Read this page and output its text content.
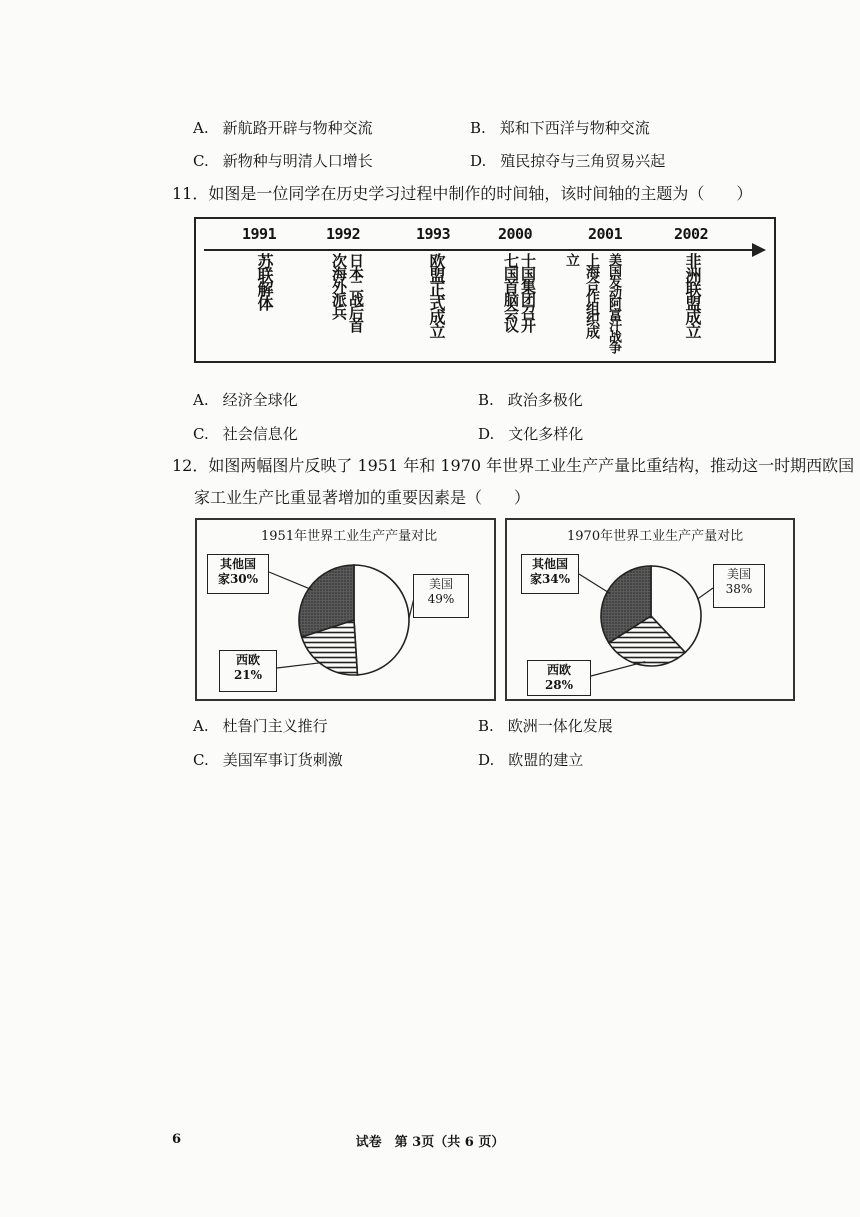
A. 新航路开辟与物种交流	B. 郑和下西洋与物种交流
C. 新物种与明清人口增长	D. 殖民掠夺与三角贸易兴起
11．如图是一位同学在历史学习过程中制作的时间轴，该时间轴的主题为（　　）
1991	1992	1993	2000	2001	2002
苏联解体	日本二战后首次海外派兵	欧盟正式成立	十国集团召开七国首脑会议	上海合作组织成立	美国发动阿富汗战争	非洲联盟成立
A. 经济全球化	B. 政治多极化
C. 社会信息化	D. 文化多样化
12．如图两幅图片反映了 1951 年和 1970 年世界工业生产产量比重结构，推动这一时期西欧国
家工业生产比重显著增加的重要因素是（　　）
1951年世界工业生产产量对比
其他国
家30%	美国
49%
西欧
21%
1970年世界工业生产产量对比
其他国
家34%	美国
38%
西欧
28%
A. 杜鲁门主义推行	B. 欧洲一体化发展
C. 美国军事订货刺激	D. 欧盟的建立
6	试卷　第 3页（共 6 页）
